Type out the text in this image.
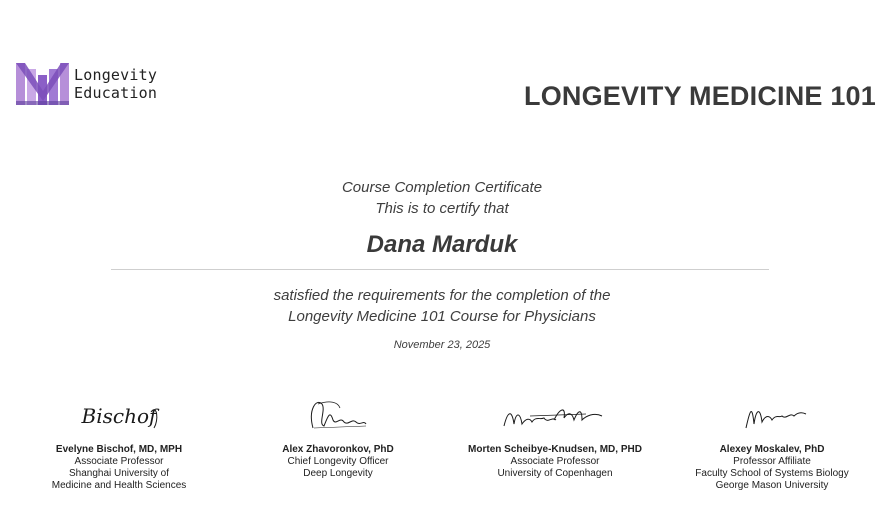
Longevity
Education	LONGEVITY MEDICINE 101
Course Completion Certificate
This is to certify that
Dana Marduk
satisfied the requirements for the completion of the
Longevity Medicine 101 Course for Physicians
November 23, 2025
Bischof
Evelyne Bischof, MD, MPH
Associate Professor
Shanghai University of
Medicine and Health Sciences
Alex Zhavoronkov, PhD
Chief Longevity Officer
Deep Longevity
Morten Scheibye-Knudsen, MD, PHD
Associate Professor
University of Copenhagen
Alexey Moskalev, PhD
Professor Affiliate
Faculty School of Systems Biology
George Mason University
